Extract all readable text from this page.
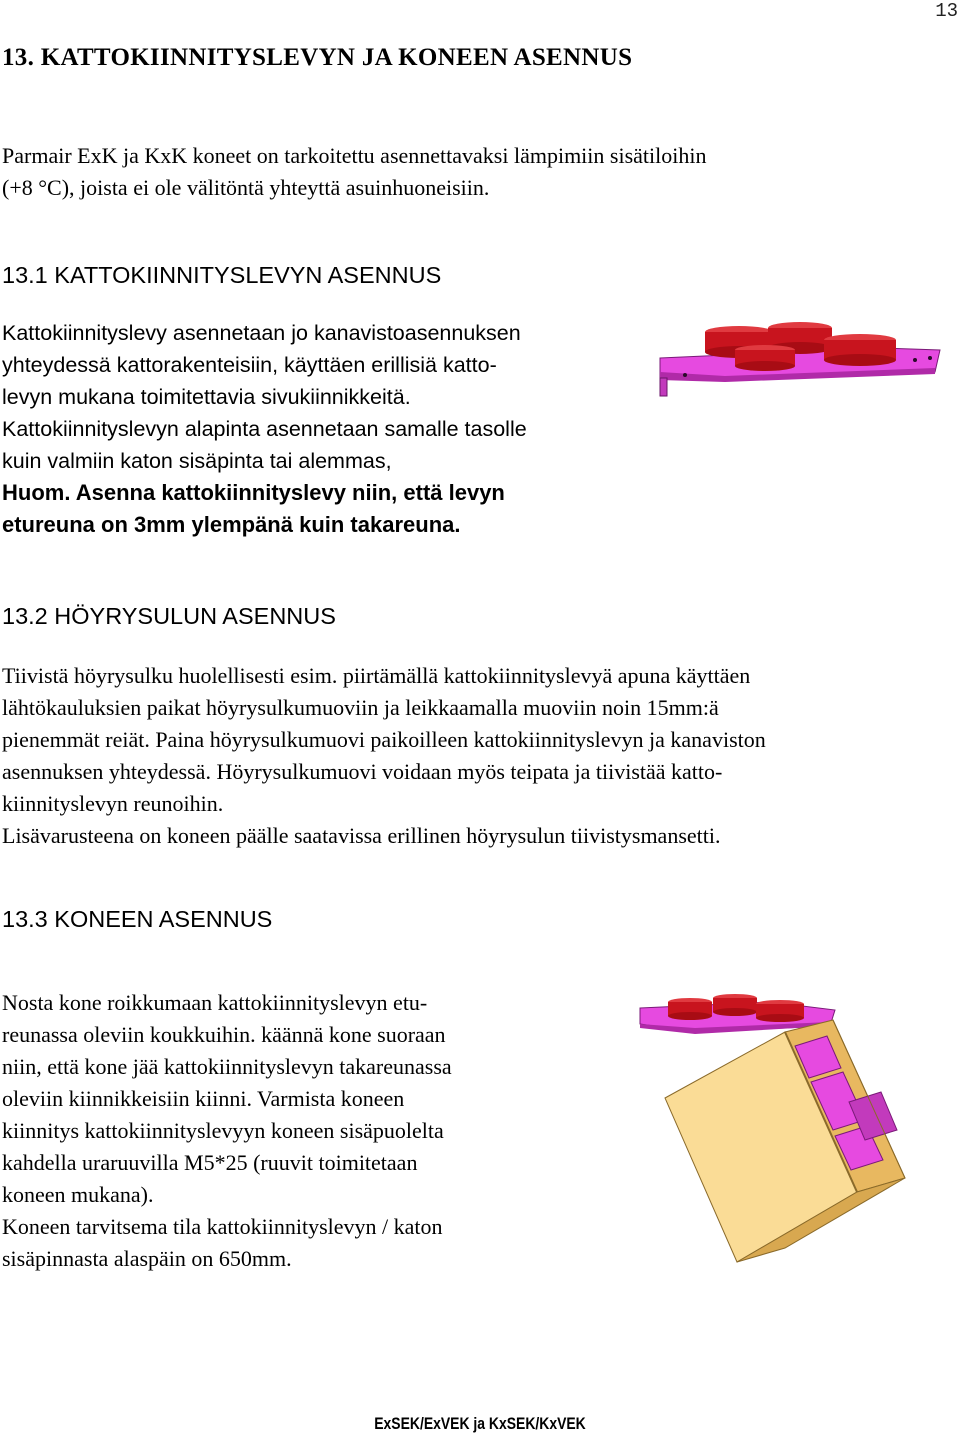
13
13. KATTOKIINNITYSLEVYN JA KONEEN ASENNUS
Parmair ExK ja KxK koneet on tarkoitettu asennettavaksi lämpimiin sisätiloihin
(+8 °C), joista ei ole välitöntä yhteyttä asuinhuoneisiin.
13.1 KATTOKIINNITYSLEVYN ASENNUS
Kattokiinnityslevy asennetaan jo kanavistoasennuksen
yhteydessä kattorakenteisiin, käyttäen erillisiä katto-
levyn mukana toimitettavia sivukiinnikkeitä.
Kattokiinnityslevyn alapinta asennetaan samalle tasolle
kuin valmiin katon sisäpinta tai alemmas,
Huom. Asenna kattokiinnityslevy niin, että levyn
etureuna on 3mm ylempänä kuin takareuna.
13.2 HÖYRYSULUN ASENNUS
Tiivistä höyrysulku huolellisesti esim. piirtämällä kattokiinnityslevyä apuna käyttäen
lähtökauluksien paikat höyrysulkumuoviin ja leikkaamalla muoviin noin 15mm:ä
pienemmät reiät. Paina höyrysulkumuovi paikoilleen kattokiinnityslevyn ja kanaviston
asennuksen yhteydessä. Höyrysulkumuovi voidaan myös teipata ja tiivistää katto-
kiinnityslevyn reunoihin.
Lisävarusteena on koneen päälle saatavissa erillinen höyrysulun tiivistysmansetti.
13.3 KONEEN ASENNUS
Nosta kone roikkumaan kattokiinnityslevyn etu-
reunassa oleviin koukkuihin. käännä kone suoraan
niin, että kone jää kattokiinnityslevyn takareunassa
oleviin kiinnikkeisiin kiinni. Varmista koneen
kiinnitys kattokiinnityslevyyn koneen sisäpuolelta
kahdella uraruuvilla M5*25 (ruuvit toimitetaan
koneen mukana).
Koneen tarvitsema tila kattokiinnityslevyn / katon
sisäpinnasta alaspäin on 650mm.
ExSEK/ExVEK ja KxSEK/KxVEK
